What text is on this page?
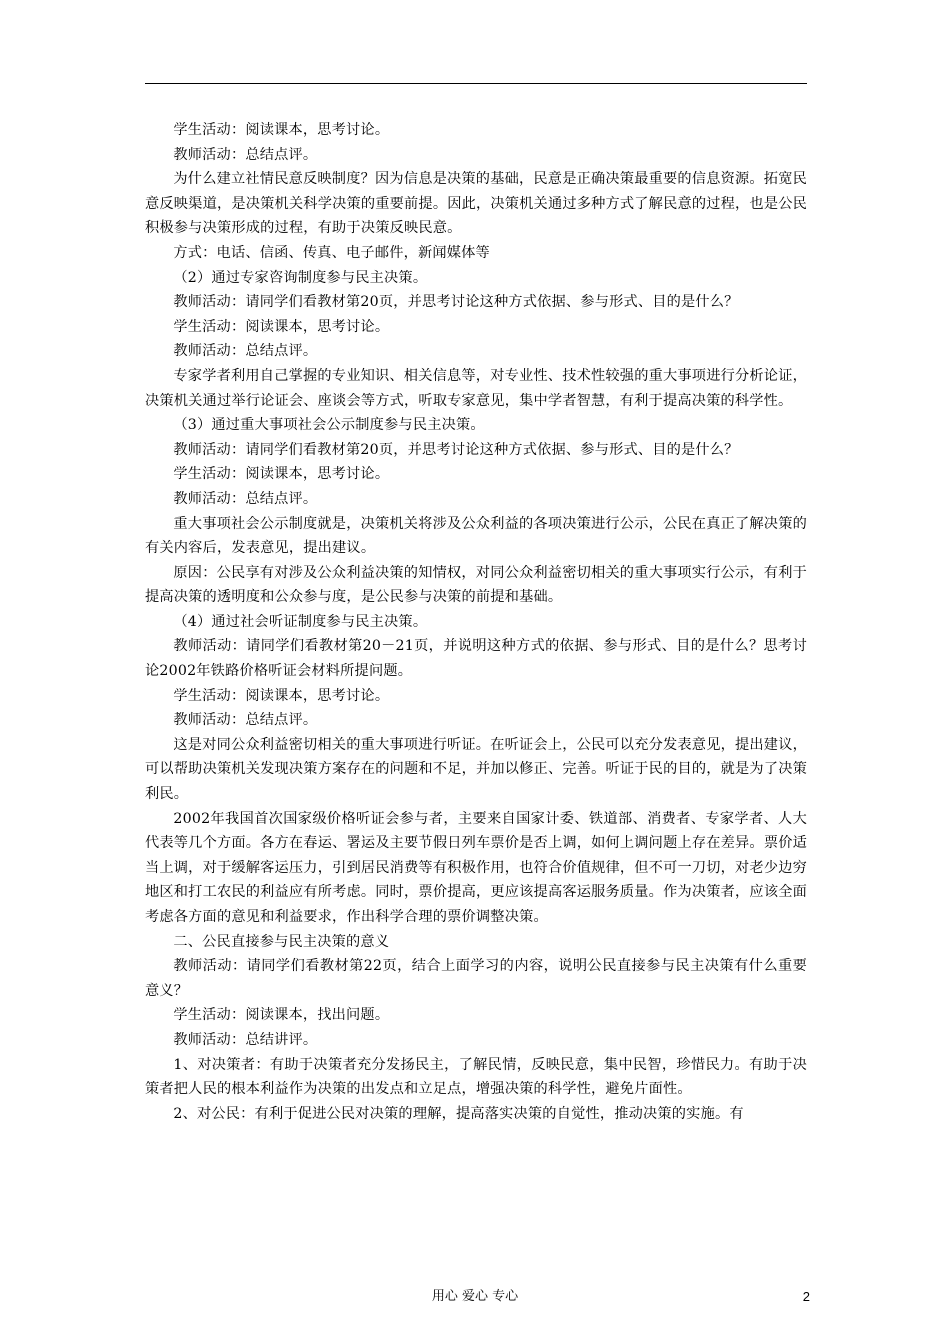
学生活动：阅读课本，思考讨论。

教师活动：总结点评。

为什么建立社情民意反映制度？因为信息是决策的基础，民意是正确决策最重要的信息资源。拓宽民意反映渠道，是决策机关科学决策的重要前提。因此，决策机关通过多种方式了解民意的过程，也是公民积极参与决策形成的过程，有助于决策反映民意。

方式：电话、信函、传真、电子邮件，新闻媒体等

（2）通过专家咨询制度参与民主决策。

教师活动：请同学们看教材第20页，并思考讨论这种方式依据、参与形式、目的是什么？

学生活动：阅读课本，思考讨论。

教师活动：总结点评。

专家学者利用自己掌握的专业知识、相关信息等，对专业性、技术性较强的重大事项进行分析论证，决策机关通过举行论证会、座谈会等方式，听取专家意见，集中学者智慧，有利于提高决策的科学性。

（3）通过重大事项社会公示制度参与民主决策。

教师活动：请同学们看教材第20页，并思考讨论这种方式依据、参与形式、目的是什么？

学生活动：阅读课本，思考讨论。

教师活动：总结点评。

重大事项社会公示制度就是，决策机关将涉及公众利益的各项决策进行公示，公民在真正了解决策的有关内容后，发表意见，提出建议。

原因：公民享有对涉及公众利益决策的知情权，对同公众利益密切相关的重大事项实行公示，有利于提高决策的透明度和公众参与度，是公民参与决策的前提和基础。

（4）通过社会听证制度参与民主决策。

教师活动：请同学们看教材第20－21页，并说明这种方式的依据、参与形式、目的是什么？思考讨论2002年铁路价格听证会材料所提问题。

学生活动：阅读课本，思考讨论。

教师活动：总结点评。

这是对同公众利益密切相关的重大事项进行听证。在听证会上，公民可以充分发表意见，提出建议，可以帮助决策机关发现决策方案存在的问题和不足，并加以修正、完善。听证于民的目的，就是为了决策利民。

2002年我国首次国家级价格听证会参与者，主要来自国家计委、铁道部、消费者、专家学者、人大代表等几个方面。各方在春运、署运及主要节假日列车票价是否上调，如何上调问题上存在差异。票价适当上调，对于缓解客运压力，引到居民消费等有积极作用，也符合价值规律，但不可一刀切，对老少边穷地区和打工农民的利益应有所考虑。同时，票价提高，更应该提高客运服务质量。作为决策者，应该全面考虑各方面的意见和利益要求，作出科学合理的票价调整决策。

二、公民直接参与民主决策的意义

教师活动：请同学们看教材第22页，结合上面学习的内容，说明公民直接参与民主决策有什么重要意义？

学生活动：阅读课本，找出问题。

教师活动：总结讲评。

1、对决策者：有助于决策者充分发扬民主，了解民情，反映民意，集中民智，珍惜民力。有助于决策者把人民的根本利益作为决策的出发点和立足点，增强决策的科学性，避免片面性。

2、对公民：有利于促进公民对决策的理解，提高落实决策的自觉性，推动决策的实施。有

用心 爱心 专心	2
